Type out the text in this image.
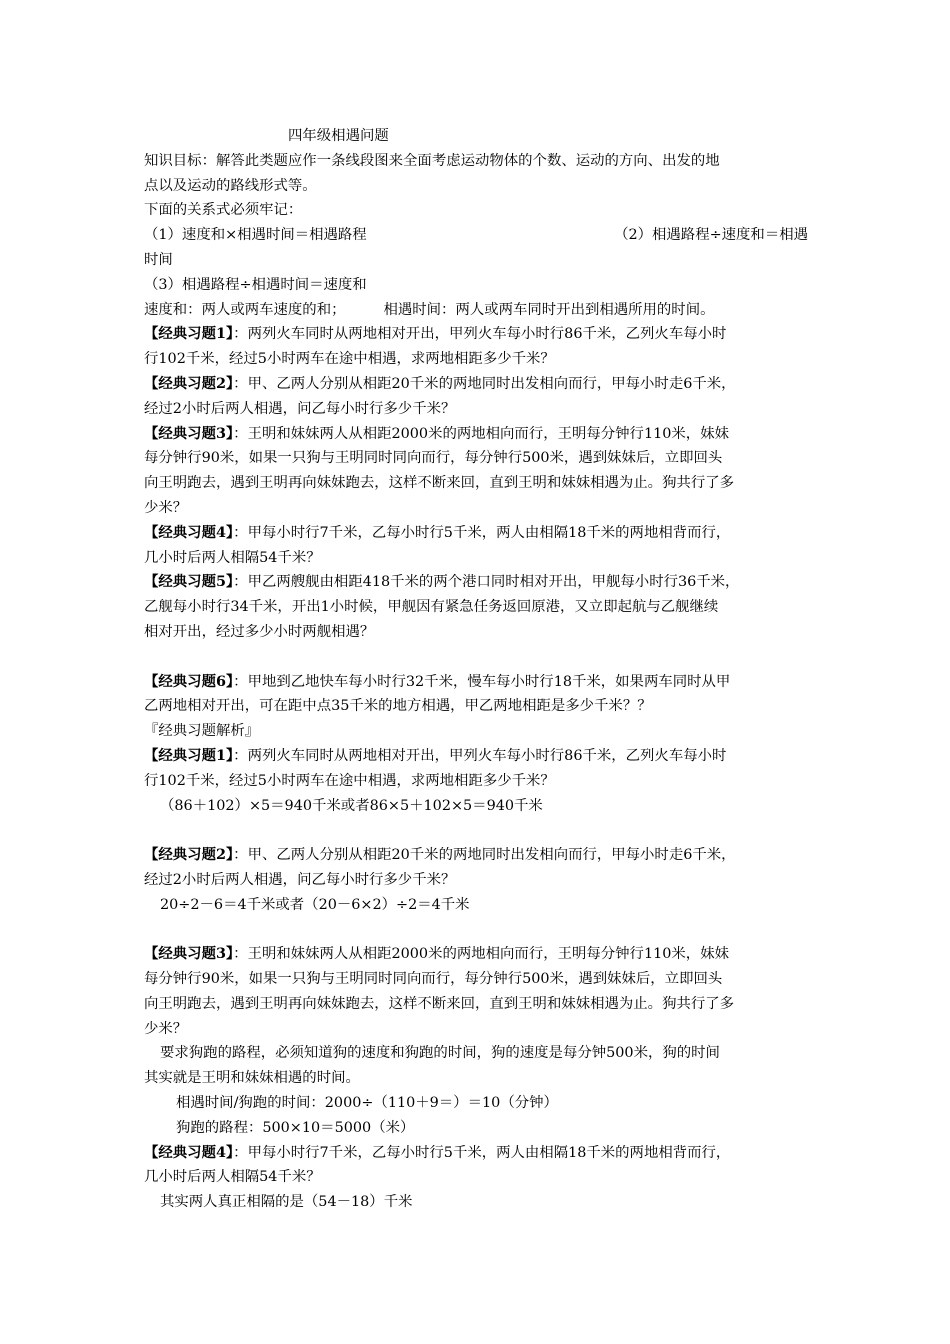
四年级相遇问题
知识目标：解答此类题应作一条线段图来全面考虑运动物体的个数、运动的方向、出发的地
点以及运动的路线形式等。
下面的关系式必须牢记：
（1）速度和×相遇时间＝相遇路程	（2）相遇路程÷速度和＝相遇
时间
（3）相遇路程÷相遇时间＝速度和
速度和：两人或两车速度的和；	相遇时间：两人或两车同时开出到相遇所用的时间。
【经典习题1】：两列火车同时从两地相对开出，甲列火车每小时行86千米，乙列火车每小时
行102千米，经过5小时两车在途中相遇，求两地相距多少千米？
【经典习题2】：甲、乙两人分别从相距20千米的两地同时出发相向而行，甲每小时走6千米，
经过2小时后两人相遇，问乙每小时行多少千米？
【经典习题3】：王明和妹妹两人从相距2000米的两地相向而行，王明每分钟行110米，妹妹
每分钟行90米，如果一只狗与王明同时同向而行，每分钟行500米，遇到妹妹后，立即回头
向王明跑去，遇到王明再向妹妹跑去，这样不断来回，直到王明和妹妹相遇为止。狗共行了多
少米？
【经典习题4】：甲每小时行7千米，乙每小时行5千米，两人由相隔18千米的两地相背而行，
几小时后两人相隔54千米？
【经典习题5】：甲乙两艘舰由相距418千米的两个港口同时相对开出，甲舰每小时行36千米，
乙舰每小时行34千米，开出1小时候，甲舰因有紧急任务返回原港，又立即起航与乙舰继续
相对开出，经过多少小时两舰相遇？
【经典习题6】：甲地到乙地快车每小时行32千米，慢车每小时行18千米，如果两车同时从甲
乙两地相对开出，可在距中点35千米的地方相遇，甲乙两地相距是多少千米？？
『经典习题解析』
【经典习题1】：两列火车同时从两地相对开出，甲列火车每小时行86千米，乙列火车每小时
行102千米，经过5小时两车在途中相遇，求两地相距多少千米？
（86＋102）×5＝940千米或者86×5＋102×5＝940千米
【经典习题2】：甲、乙两人分别从相距20千米的两地同时出发相向而行，甲每小时走6千米，
经过2小时后两人相遇，问乙每小时行多少千米？
20÷2－6＝4千米或者（20－6×2）÷2＝4千米
【经典习题3】：王明和妹妹两人从相距2000米的两地相向而行，王明每分钟行110米，妹妹
每分钟行90米，如果一只狗与王明同时同向而行，每分钟行500米，遇到妹妹后，立即回头
向王明跑去，遇到王明再向妹妹跑去，这样不断来回，直到王明和妹妹相遇为止。狗共行了多
少米？
要求狗跑的路程，必须知道狗的速度和狗跑的时间，狗的速度是每分钟500米，狗的时间
其实就是王明和妹妹相遇的时间。
相遇时间/狗跑的时间：2000÷（110＋9＝）＝10（分钟）
狗跑的路程：500×10＝5000（米）
【经典习题4】：甲每小时行7千米，乙每小时行5千米，两人由相隔18千米的两地相背而行，
几小时后两人相隔54千米？
其实两人真正相隔的是（54－18）千米
